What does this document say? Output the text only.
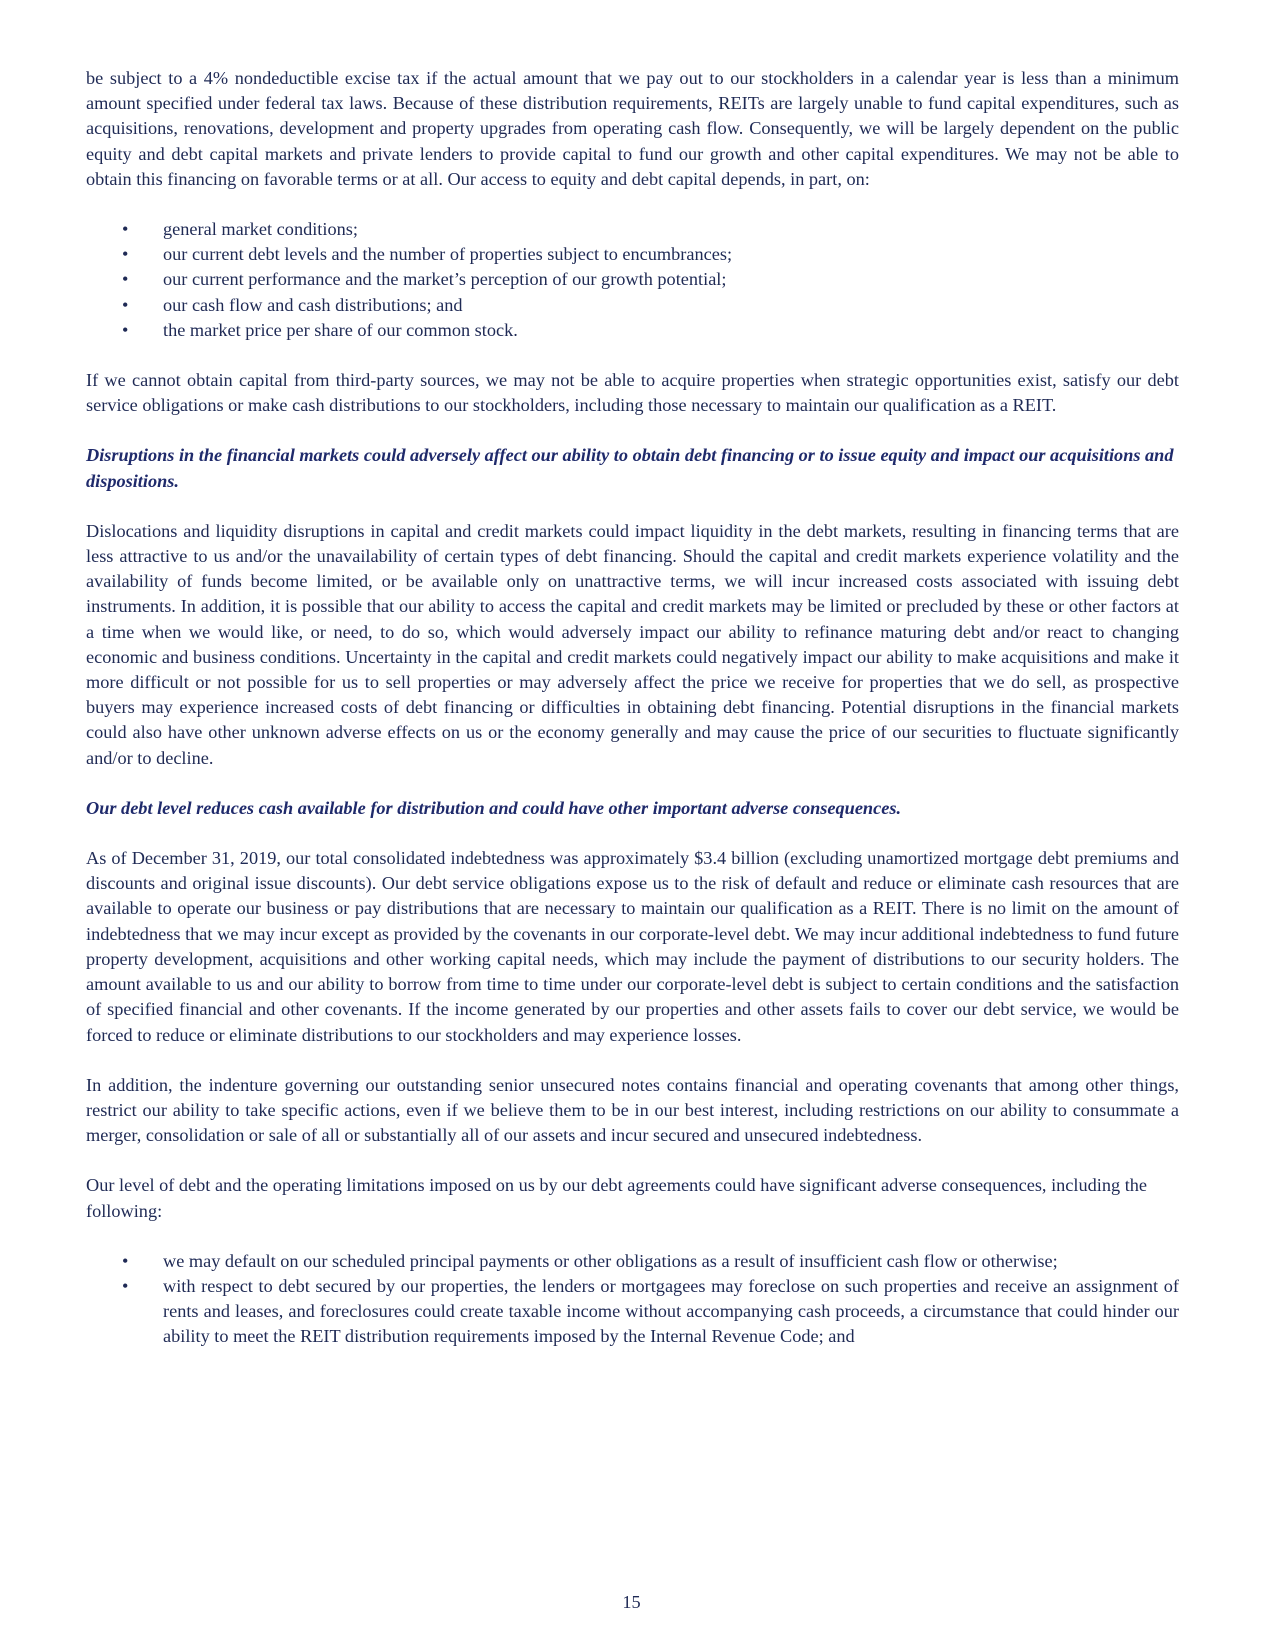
be subject to a 4% nondeductible excise tax if the actual amount that we pay out to our stockholders in a calendar year is less than a minimum amount specified under federal tax laws. Because of these distribution requirements, REITs are largely unable to fund capital expenditures, such as acquisitions, renovations, development and property upgrades from operating cash flow. Consequently, we will be largely dependent on the public equity and debt capital markets and private lenders to provide capital to fund our growth and other capital expenditures. We may not be able to obtain this financing on favorable terms or at all. Our access to equity and debt capital depends, in part, on:

• general market conditions;
• our current debt levels and the number of properties subject to encumbrances;
• our current performance and the market’s perception of our growth potential;
• our cash flow and cash distributions; and
• the market price per share of our common stock.

If we cannot obtain capital from third-party sources, we may not be able to acquire properties when strategic opportunities exist, satisfy our debt service obligations or make cash distributions to our stockholders, including those necessary to maintain our qualification as a REIT.

Disruptions in the financial markets could adversely affect our ability to obtain debt financing or to issue equity and impact our acquisitions and dispositions.

Dislocations and liquidity disruptions in capital and credit markets could impact liquidity in the debt markets, resulting in financing terms that are less attractive to us and/or the unavailability of certain types of debt financing. Should the capital and credit markets experience volatility and the availability of funds become limited, or be available only on unattractive terms, we will incur increased costs associated with issuing debt instruments. In addition, it is possible that our ability to access the capital and credit markets may be limited or precluded by these or other factors at a time when we would like, or need, to do so, which would adversely impact our ability to refinance maturing debt and/or react to changing economic and business conditions. Uncertainty in the capital and credit markets could negatively impact our ability to make acquisitions and make it more difficult or not possible for us to sell properties or may adversely affect the price we receive for properties that we do sell, as prospective buyers may experience increased costs of debt financing or difficulties in obtaining debt financing. Potential disruptions in the financial markets could also have other unknown adverse effects on us or the economy generally and may cause the price of our securities to fluctuate significantly and/or to decline.

Our debt level reduces cash available for distribution and could have other important adverse consequences.

As of December 31, 2019, our total consolidated indebtedness was approximately $3.4 billion (excluding unamortized mortgage debt premiums and discounts and original issue discounts). Our debt service obligations expose us to the risk of default and reduce or eliminate cash resources that are available to operate our business or pay distributions that are necessary to maintain our qualification as a REIT. There is no limit on the amount of indebtedness that we may incur except as provided by the covenants in our corporate-level debt. We may incur additional indebtedness to fund future property development, acquisitions and other working capital needs, which may include the payment of distributions to our security holders. The amount available to us and our ability to borrow from time to time under our corporate-level debt is subject to certain conditions and the satisfaction of specified financial and other covenants. If the income generated by our properties and other assets fails to cover our debt service, we would be forced to reduce or eliminate distributions to our stockholders and may experience losses.

In addition, the indenture governing our outstanding senior unsecured notes contains financial and operating covenants that among other things, restrict our ability to take specific actions, even if we believe them to be in our best interest, including restrictions on our ability to consummate a merger, consolidation or sale of all or substantially all of our assets and incur secured and unsecured indebtedness.

Our level of debt and the operating limitations imposed on us by our debt agreements could have significant adverse consequences, including the following:

• we may default on our scheduled principal payments or other obligations as a result of insufficient cash flow or otherwise;
• with respect to debt secured by our properties, the lenders or mortgagees may foreclose on such properties and receive an assignment of rents and leases, and foreclosures could create taxable income without accompanying cash proceeds, a circumstance that could hinder our ability to meet the REIT distribution requirements imposed by the Internal Revenue Code; and
15
